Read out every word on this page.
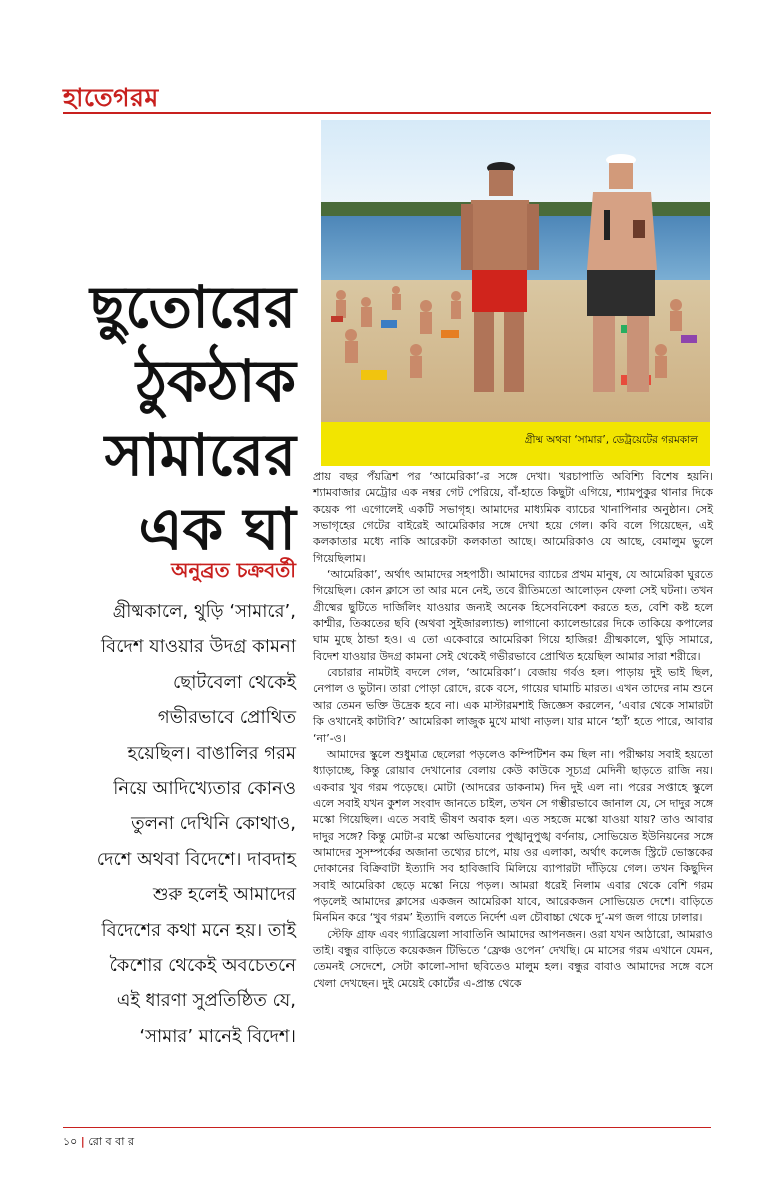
হাতেগরম
গ্রীষ্ম অথবা ‘সামার’, ডেট্রয়েটের গরমকাল
ছুতোরের
ঠুকঠাক
সামারের
এক ঘা
অনুব্রত চক্রবর্তী
গ্রীষ্মকালে, থুড়ি ‘সামারে’, বিদেশ যাওয়ার উদগ্র কামনা ছোটবেলা থেকেই গভীরভাবে প্রোথিত হয়েছিল। বাঙালির গরম নিয়ে আদিখ্যেতার কোনও তুলনা দেখিনি কোথাও, দেশে অথবা বিদেশে। দাবদাহ শুরু হলেই আমাদের বিদেশের কথা মনে হয়। তাই কৈশোর থেকেই অবচেতনে এই ধারণা সুপ্রতিষ্ঠিত যে, ‘সামার’ মানেই বিদেশ।

প্রায় বছর পঁয়ত্রিশ পর ‘আমেরিকা’-র সঙ্গে দেখা। খরচাপাতি অবিশ্যি বিশেষ হয়নি। শ্যামবাজার মেট্রোর এক নম্বর গেট পেরিয়ে, বাঁ-হাতে কিছুটা এগিয়ে, শ্যামপুকুর থানার দিকে কয়েক পা এগোলেই একটি সভাগৃহ। আমাদের মাধ্যমিক ব্যাচের খানাপিনার অনুষ্ঠান। সেই সভাগৃহের গেটের বাইরেই আমেরিকার সঙ্গে দেখা হয়ে গেল। কবি বলে গিয়েছেন, এই কলকাতার মধ্যে নাকি আরেকটা কলকাতা আছে। আমেরিকাও যে আছে, বেমালুম ভুলে গিয়েছিলাম।

‘আমেরিকা’, অর্থাৎ আমাদের সহপাঠী। আমাদের ব্যাচের প্রথম মানুষ, যে আমেরিকা ঘুরতে গিয়েছিল। কোন ক্লাসে তা আর মনে নেই, তবে রীতিমতো আলোড়ন ফেলা সেই ঘটনা। তখন গ্রীষ্মের ছুটিতে দার্জিলিং যাওয়ার জন্যই অনেক হিসেবনিকেশ করতে হত, বেশি কষ্ট হলে কাশ্মীর, তিব্বতের ছবি (অথবা সুইজারল্যান্ড) লাগানো ক্যালেন্ডারের দিকে তাকিয়ে কপালের ঘাম মুছে ঠান্ডা হও। এ তো একেবারে আমেরিকা গিয়ে হাজির! গ্রীষ্মকালে, থুড়ি সামারে, বিদেশ যাওয়ার উদগ্র কামনা সেই থেকেই গভীরভাবে প্রোথিত হয়েছিল আমার সারা শরীরে।

বেচারার নামটাই বদলে গেল, ‘আমেরিকা’। বেজায় গর্বও হল। পাড়ায় দুই ভাই ছিল, নেপাল ও ভুটান। তারা পোড়া রোদে, রকে বসে, গায়ের ঘামাচি মারত। এখন তাদের নাম শুনে আর তেমন ভক্তি উদ্রেক হবে না। এক মাস্টারমশাই জিজ্ঞেস করলেন, ‘এবার থেকে সামারটা কি ওখানেই কাটাবি?’ আমেরিকা লাজুক মুখে মাথা নাড়ল। যার মানে ‘হ্যাঁ’ হতে পারে, আবার ‘না’-ও।

আমাদের স্কুলে শুধুমাত্র ছেলেরা পড়লেও কম্পিটিশন কম ছিল না। পরীক্ষায় সবাই হয়তো ধ্যাড়াচ্ছে, কিন্তু রোয়াব দেখানোর বেলায় কেউ কাউকে সূচ্যগ্র মেদিনী ছাড়তে রাজি নয়। একবার খুব গরম পড়েছে। মোটা (আদরের ডাকনাম) দিন দুই এল না। পরের সপ্তাহে স্কুলে এলে সবাই যখন কুশল সংবাদ জানতে চাইল, তখন সে গম্ভীরভাবে জানাল যে, সে দাদুর সঙ্গে মস্কো গিয়েছিল। এতে সবাই ভীষণ অবাক হল। এত সহজে মস্কো যাওয়া যায়? তাও আবার দাদুর সঙ্গে? কিন্তু মোটা-র মস্কো অভিযানের পুঙ্খানুপুঙ্খ বর্ণনায়, সোভিয়েত ইউনিয়নের সঙ্গে আমাদের সুসম্পর্কের অজানা তথ্যের চাপে, মায় ওর এলাকা, অর্থাৎ কলেজ স্ট্রিটে ভোস্তকের দোকানের বিক্রিবাটা ইত্যাদি সব হাবিজাবি মিলিয়ে ব্যাপারটা দাঁড়িয়ে গেল। তখন কিছুদিন সবাই আমেরিকা ছেড়ে মস্কো নিয়ে পড়ল। আমরা ধরেই নিলাম এবার থেকে বেশি গরম পড়লেই আমাদের ক্লাসের একজন আমেরিকা যাবে, আরেকজন সোভিয়েত দেশে। বাড়িতে মিনমিন করে ‘খুব গরম’ ইত্যাদি বলতে নির্দেশ এল চৌবাচ্চা থেকে দু’-মগ জল গায়ে ঢালার।

স্টেফি গ্রাফ এবং গ্যাব্রিয়েলা সাবাতিনি আমাদের আপনজন। ওরা যখন আঠারো, আমরাও তাই। বন্ধুর বাড়িতে কয়েকজন টিভিতে ‘ফ্রেঞ্চ ওপেন’ দেখছি। মে মাসের গরম এখানে যেমন, তেমনই সেদেশে, সেটা কালো-সাদা ছবিতেও মালুম হল। বন্ধুর বাবাও আমাদের সঙ্গে বসে খেলা দেখছেন। দুই মেয়েই কোর্টের এ-প্রান্ত থেকে

১০ | রো ব বা র
